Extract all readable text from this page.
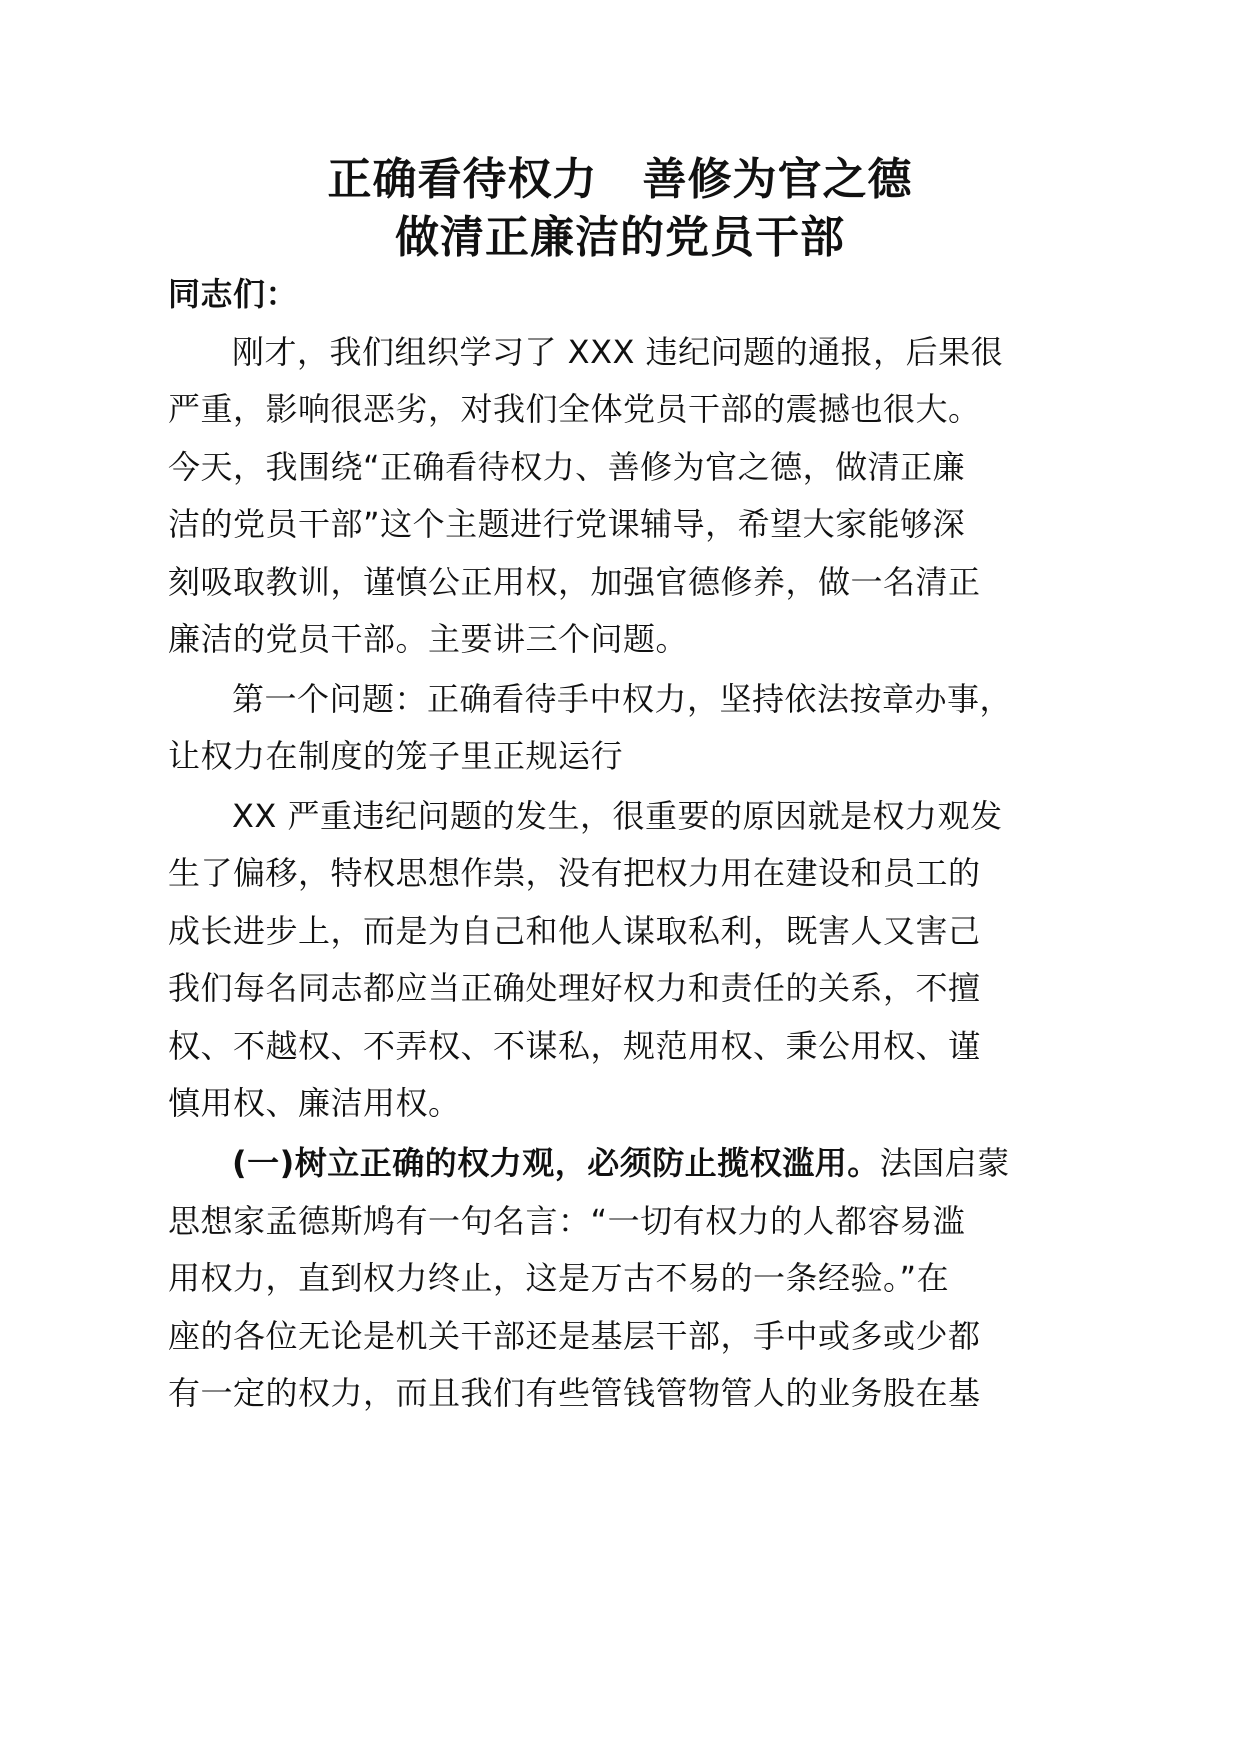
正确看待权力　善修为官之德
做清正廉洁的党员干部
同志们：
刚才，我们组织学习了 XXX 违纪问题的通报，后果很
严重，影响很恶劣，对我们全体党员干部的震撼也很大。
今天，我围绕“正确看待权力、善修为官之德，做清正廉
洁的党员干部”这个主题进行党课辅导，希望大家能够深
刻吸取教训，谨慎公正用权，加强官德修养，做一名清正
廉洁的党员干部。主要讲三个问题。
第一个问题：正确看待手中权力，坚持依法按章办事，
让权力在制度的笼子里正规运行
XX 严重违纪问题的发生，很重要的原因就是权力观发
生了偏移，特权思想作祟，没有把权力用在建设和员工的
成长进步上，而是为自己和他人谋取私利，既害人又害己
我们每名同志都应当正确处理好权力和责任的关系，不擅
权、不越权、不弄权、不谋私，规范用权、秉公用权、谨
慎用权、廉洁用权。
(一)树立正确的权力观，必须防止揽权滥用。法国启蒙
思想家孟德斯鸠有一句名言：“一切有权力的人都容易滥
用权力，直到权力终止，这是万古不易的一条经验。”在
座的各位无论是机关干部还是基层干部，手中或多或少都
有一定的权力，而且我们有些管钱管物管人的业务股在基
